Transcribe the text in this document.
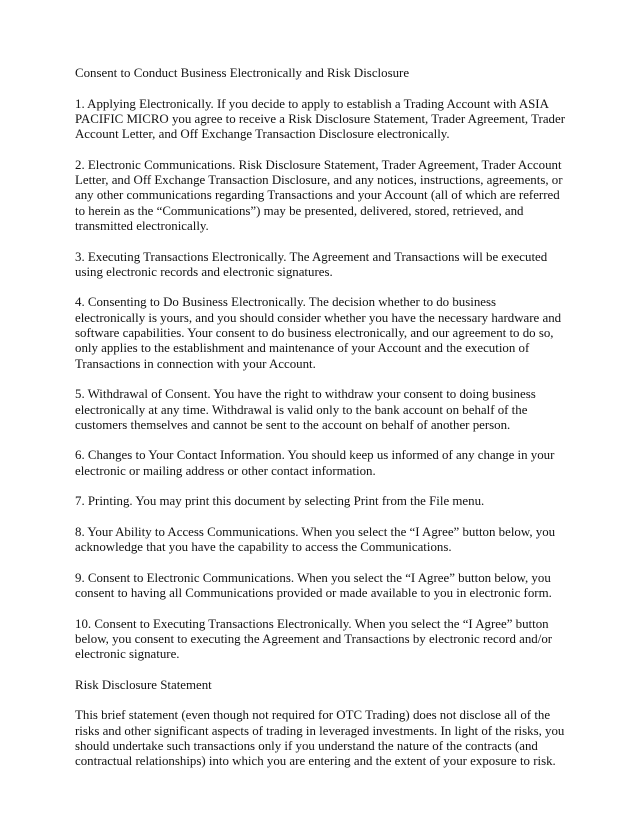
Consent to Conduct Business Electronically and Risk Disclosure

1. Applying Electronically. If you decide to apply to establish a Trading Account with ASIA PACIFIC MICRO you agree to receive a Risk Disclosure Statement, Trader Agreement, Trader Account Letter, and Off Exchange Transaction Disclosure electronically.

2. Electronic Communications. Risk Disclosure Statement, Trader Agreement, Trader Account Letter, and Off Exchange Transaction Disclosure, and any notices, instructions, agreements, or any other communications regarding Transactions and your Account (all of which are referred to herein as the “Communications”) may be presented, delivered, stored, retrieved, and transmitted electronically.

3. Executing Transactions Electronically. The Agreement and Transactions will be executed using electronic records and electronic signatures.

4. Consenting to Do Business Electronically. The decision whether to do business electronically is yours, and you should consider whether you have the necessary hardware and software capabilities. Your consent to do business electronically, and our agreement to do so, only applies to the establishment and maintenance of your Account and the execution of Transactions in connection with your Account.

5. Withdrawal of Consent. You have the right to withdraw your consent to doing business electronically at any time. Withdrawal is valid only to the bank account on behalf of the customers themselves and cannot be sent to the account on behalf of another person.

6. Changes to Your Contact Information. You should keep us informed of any change in your electronic or mailing address or other contact information.

7. Printing. You may print this document by selecting Print from the File menu.

8. Your Ability to Access Communications. When you select the “I Agree” button below, you acknowledge that you have the capability to access the Communications.

9. Consent to Electronic Communications. When you select the “I Agree” button below, you consent to having all Communications provided or made available to you in electronic form.

10. Consent to Executing Transactions Electronically. When you select the “I Agree” button below, you consent to executing the Agreement and Transactions by electronic record and/or electronic signature.

Risk Disclosure Statement

This brief statement (even though not required for OTC Trading) does not disclose all of the risks and other significant aspects of trading in leveraged investments. In light of the risks, you should undertake such transactions only if you understand the nature of the contracts (and contractual relationships) into which you are entering and the extent of your exposure to risk.
